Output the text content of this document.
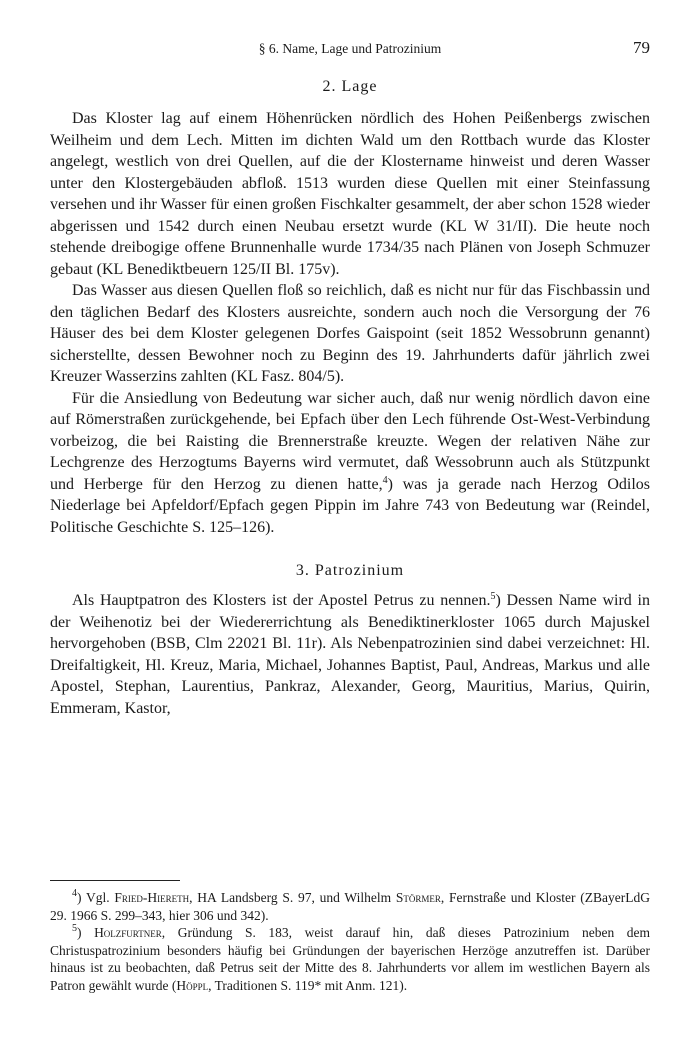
§ 6. Name, Lage und Patrozinium	79
2. Lage

Das Kloster lag auf einem Höhenrücken nördlich des Hohen Peißenbergs zwischen Weilheim und dem Lech. Mitten im dichten Wald um den Rottbach wurde das Kloster angelegt, westlich von drei Quellen, auf die der Klostername hinweist und deren Wasser unter den Klostergebäuden abfloß. 1513 wurden diese Quellen mit einer Steinfassung versehen und ihr Wasser für einen großen Fischkalter gesammelt, der aber schon 1528 wieder abgerissen und 1542 durch einen Neubau ersetzt wurde (KL W 31/II). Die heute noch stehende dreibogige offene Brunnenhalle wurde 1734/35 nach Plänen von Joseph Schmuzer gebaut (KL Benediktbeuern 125/II Bl. 175v).

Das Wasser aus diesen Quellen floß so reichlich, daß es nicht nur für das Fischbassin und den täglichen Bedarf des Klosters ausreichte, sondern auch noch die Versorgung der 76 Häuser des bei dem Kloster gelegenen Dorfes Gaispoint (seit 1852 Wessobrunn genannt) sicherstellte, dessen Bewohner noch zu Beginn des 19. Jahrhunderts dafür jährlich zwei Kreuzer Wasserzins zahlten (KL Fasz. 804/5).

Für die Ansiedlung von Bedeutung war sicher auch, daß nur wenig nördlich davon eine auf Römerstraßen zurückgehende, bei Epfach über den Lech führende Ost-West-Verbindung vorbeizog, die bei Raisting die Brennerstraße kreuzte. Wegen der relativen Nähe zur Lechgrenze des Herzogtums Bayerns wird vermutet, daß Wessobrunn auch als Stützpunkt und Herberge für den Herzog zu dienen hatte,$^4$) was ja gerade nach Herzog Odilos Niederlage bei Apfeldorf/Epfach gegen Pippin im Jahre 743 von Bedeutung war (Reindel, Politische Geschichte S. 125–126).

3. Patrozinium

Als Hauptpatron des Klosters ist der Apostel Petrus zu nennen.$^5$) Dessen Name wird in der Weihenotiz bei der Wiedererrichtung als Benediktinerkloster 1065 durch Majuskel hervorgehoben (BSB, Clm 22021 Bl. 11r). Als Nebenpatrozinien sind dabei verzeichnet: Hl. Dreifaltigkeit, Hl. Kreuz, Maria, Michael, Johannes Baptist, Paul, Andreas, Markus und alle Apostel, Stephan, Laurentius, Pankraz, Alexander, Georg, Mauritius, Marius, Quirin, Emmeram, Kastor,

$^4$) Vgl. Fried-Hiereth, HA Landsberg S. 97, und Wilhelm Störmer, Fernstraße und Kloster (ZBayerLdG 29. 1966 S. 299–343, hier 306 und 342).

$^5$) Holzfurtner, Gründung S. 183, weist darauf hin, daß dieses Patrozinium neben dem Christuspatrozinium besonders häufig bei Gründungen der bayerischen Herzöge anzutreffen ist. Darüber hinaus ist zu beobachten, daß Petrus seit der Mitte des 8. Jahrhunderts vor allem im westlichen Bayern als Patron gewählt wurde (Höppl, Traditionen S. 119* mit Anm. 121).
